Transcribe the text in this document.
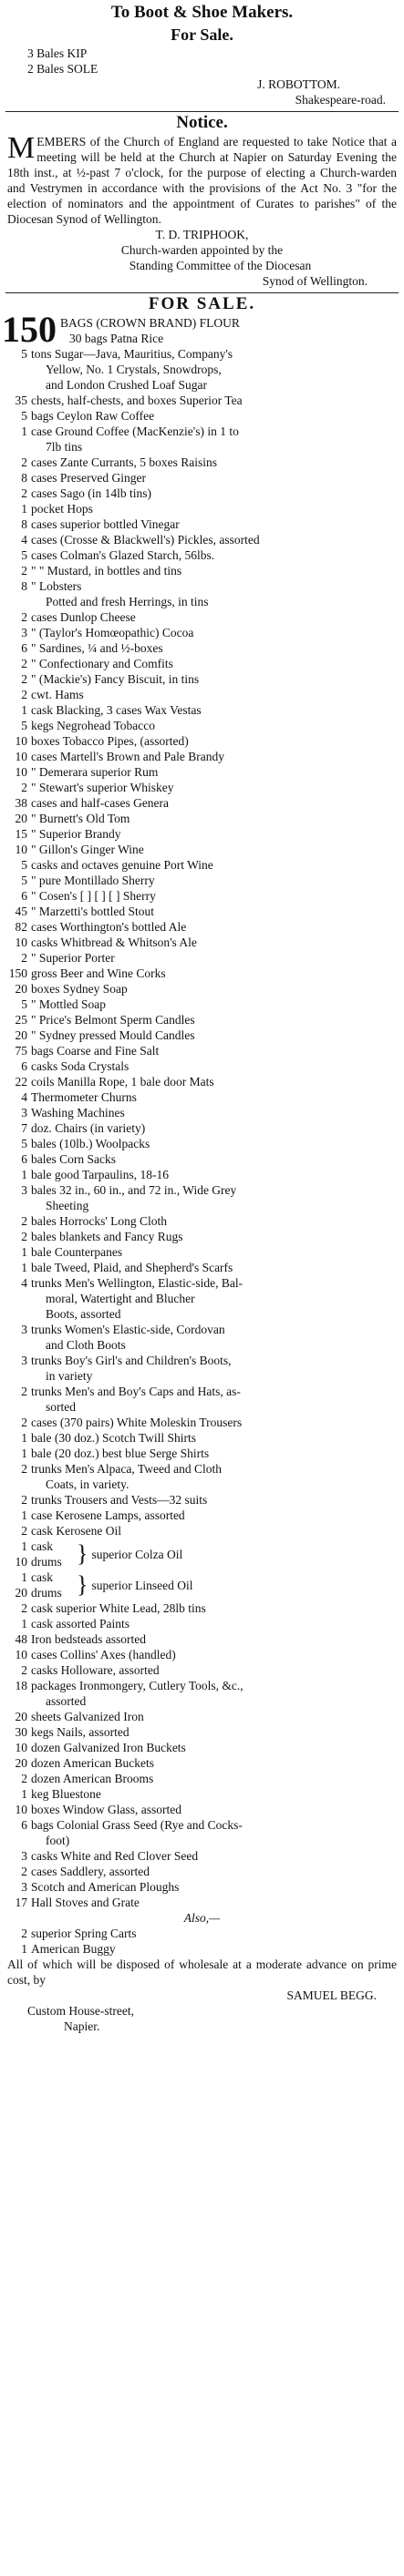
To Boot & Shoe Makers.
For Sale.
3 Bales KIP
2 Bales SOLE
J. ROBOTTOM.
Shakespeare-road.
Notice.
M EMBERS of the Church of England are requested to take Notice that a meeting will be held at the Church at Napier on Saturday Evening the 18th inst., at ½-past 7 o'clock, for the purpose of electing a Church-warden and Vestrymen in accordance with the provisions of the Act No. 3 "for the election of nominators and the appointment of Curates to parishes" of the Diocesan Synod of Wellington.
T. D. TRIPHOOK,
Church-warden appointed by the
Standing Committee of the Diocesan
Synod of Wellington.
FOR SALE.
150 BAGS (CROWN BRAND) FLOUR
30 bags Patna Rice
5 tons Sugar—Java, Mauritius, Company's
Yellow, No. 1 Crystals, Snowdrops,
and London Crushed Loaf Sugar
35 chests, half-chests, and boxes Superior Tea
5 bags Ceylon Raw Coffee
1 case Ground Coffee (MacKenzie's) in 1 to
7lb tins
2 cases Zante Currants, 5 boxes Raisins
8 cases Preserved Ginger
2 cases Sago (in 14lb tins)
1 pocket Hops
8 cases superior bottled Vinegar
4 cases (Crosse & Blackwell's) Pickles, assorted
5 cases Colman's Glazed Starch, 56lbs.
2 " " Mustard, in bottles and tins
8 " Lobsters
Potted and fresh Herrings, in tins
2 cases Dunlop Cheese
3 " (Taylor's Homœopathic) Cocoa
6 " Sardines, ¼ and ½-boxes
2 " Confectionary and Comfits
2 " (Mackie's) Fancy Biscuit, in tins
2 cwt. Hams
1 cask Blacking, 3 cases Wax Vestas
5 kegs Negrohead Tobacco
10 boxes Tobacco Pipes, (assorted)
10 cases Martell's Brown and Pale Brandy
10 " Demerara superior Rum
2 " Stewart's superior Whiskey
38 cases and half-cases Genera
20 " Burnett's Old Tom
15 " Superior Brandy
10 " Gillon's Ginger Wine
5 casks and octaves genuine Port Wine
5 " pure Montillado Sherry
6 " Cosen's [ ] [ ] [ ] Sherry
45 " Marzetti's bottled Stout
82 cases Worthington's bottled Ale
10 casks Whitbread & Whitson's Ale
2 " Superior Porter
150 gross Beer and Wine Corks
20 boxes Sydney Soap
5 " Mottled Soap
25 " Price's Belmont Sperm Candles
20 " Sydney pressed Mould Candles
75 bags Coarse and Fine Salt
6 casks Soda Crystals
22 coils Manilla Rope, 1 bale door Mats
4 Thermometer Churns
3 Washing Machines
7 doz. Chairs (in variety)
5 bales (10lb.) Woolpacks
6 bales Corn Sacks
1 bale good Tarpaulins, 18-16
3 bales 32 in., 60 in., and 72 in., Wide Grey
Sheeting
2 bales Horrocks' Long Cloth
2 bales blankets and Fancy Rugs
1 bale Counterpanes
1 bale Tweed, Plaid, and Shepherd's Scarfs
4 trunks Men's Wellington, Elastic-side, Bal-
moral, Watertight and Blucher
Boots, assorted
3 trunks Women's Elastic-side, Cordovan
and Cloth Boots
3 trunks Boy's Girl's and Children's Boots,
in variety
2 trunks Men's and Boy's Caps and Hats, as-
sorted
2 cases (370 pairs) White Moleskin Trousers
1 bale (30 doz.) Scotch Twill Shirts
1 bale (20 doz.) best blue Serge Shirts
2 trunks Men's Alpaca, Tweed and Cloth
Coats, in variety.
2 trunks Trousers and Vests—32 suits
1 case Kerosene Lamps, assorted
2 cask Kerosene Oil
1 cask
10 drums } superior Colza Oil
1 cask
20 drums } superior Linseed Oil
2 cask superior White Lead, 28lb tins
1 cask assorted Paints
48 Iron bedsteads assorted
10 cases Collins' Axes (handled)
2 casks Holloware, assorted
18 packages Ironmongery, Cutlery Tools, &c.,
assorted
20 sheets Galvanized Iron
30 kegs Nails, assorted
10 dozen Galvanized Iron Buckets
20 dozen American Buckets
2 dozen American Brooms
1 keg Bluestone
10 boxes Window Glass, assorted
6 bags Colonial Grass Seed (Rye and Cocks-
foot)
3 casks White and Red Clover Seed
2 cases Saddlery, assorted
3 Scotch and American Ploughs
17 Hall Stoves and Grate
Also,—
2 superior Spring Carts
1 American Buggy
All of which will be disposed of wholesale at a moderate advance on prime cost, by
SAMUEL BEGG.
Custom House-street,
Napier.
